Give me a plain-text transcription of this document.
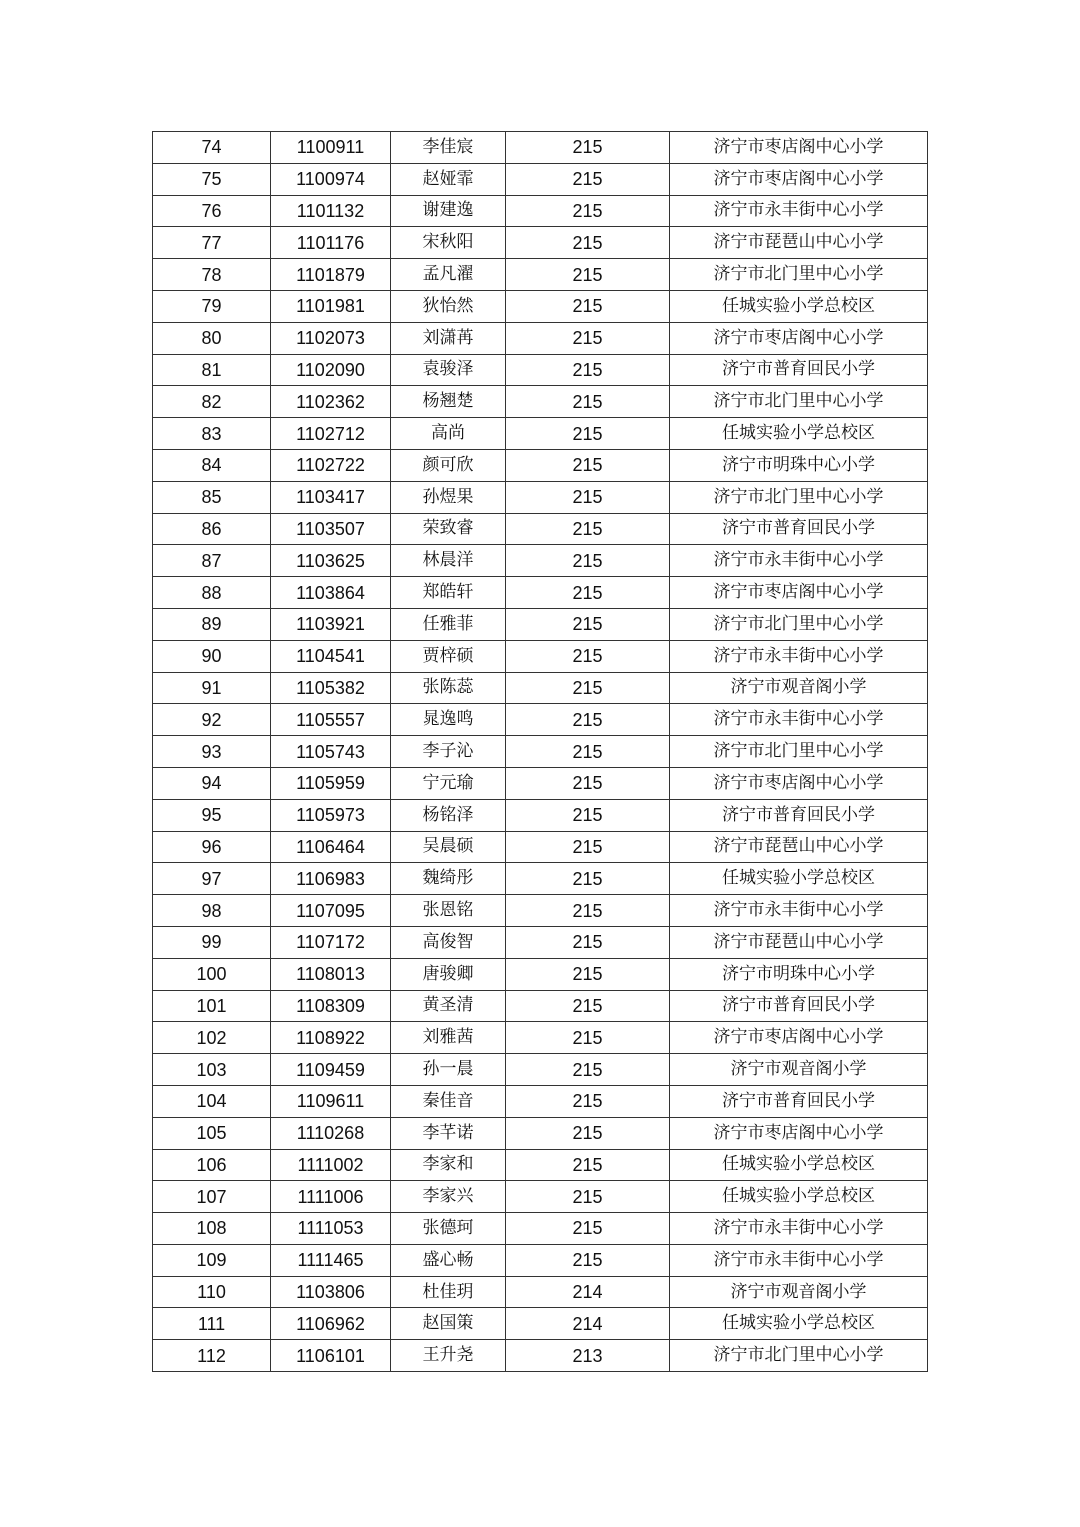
74	1100911	李佳宸	215	济宁市枣店阁中心小学
75	1100974	赵娅霏	215	济宁市枣店阁中心小学
76	1101132	谢建逸	215	济宁市永丰街中心小学
77	1101176	宋秋阳	215	济宁市琵琶山中心小学
78	1101879	孟凡濯	215	济宁市北门里中心小学
79	1101981	狄怡然	215	任城实验小学总校区
80	1102073	刘潇苒	215	济宁市枣店阁中心小学
81	1102090	袁骏泽	215	济宁市普育回民小学
82	1102362	杨翘楚	215	济宁市北门里中心小学
83	1102712	高尚	215	任城实验小学总校区
84	1102722	颜可欣	215	济宁市明珠中心小学
85	1103417	孙煜果	215	济宁市北门里中心小学
86	1103507	荣致睿	215	济宁市普育回民小学
87	1103625	林晨洋	215	济宁市永丰街中心小学
88	1103864	郑皓轩	215	济宁市枣店阁中心小学
89	1103921	任雅菲	215	济宁市北门里中心小学
90	1104541	贾梓硕	215	济宁市永丰街中心小学
91	1105382	张陈蕊	215	济宁市观音阁小学
92	1105557	晁逸鸣	215	济宁市永丰街中心小学
93	1105743	李子沁	215	济宁市北门里中心小学
94	1105959	宁元瑜	215	济宁市枣店阁中心小学
95	1105973	杨铭泽	215	济宁市普育回民小学
96	1106464	吴晨硕	215	济宁市琵琶山中心小学
97	1106983	魏绮彤	215	任城实验小学总校区
98	1107095	张恩铭	215	济宁市永丰街中心小学
99	1107172	高俊智	215	济宁市琵琶山中心小学
100	1108013	唐骏卿	215	济宁市明珠中心小学
101	1108309	黄圣清	215	济宁市普育回民小学
102	1108922	刘雅茜	215	济宁市枣店阁中心小学
103	1109459	孙一晨	215	济宁市观音阁小学
104	1109611	秦佳音	215	济宁市普育回民小学
105	1110268	李芊诺	215	济宁市枣店阁中心小学
106	1111002	李家和	215	任城实验小学总校区
107	1111006	李家兴	215	任城实验小学总校区
108	1111053	张德珂	215	济宁市永丰街中心小学
109	1111465	盛心畅	215	济宁市永丰街中心小学
110	1103806	杜佳玥	214	济宁市观音阁小学
111	1106962	赵国策	214	任城实验小学总校区
112	1106101	王升尧	213	济宁市北门里中心小学
